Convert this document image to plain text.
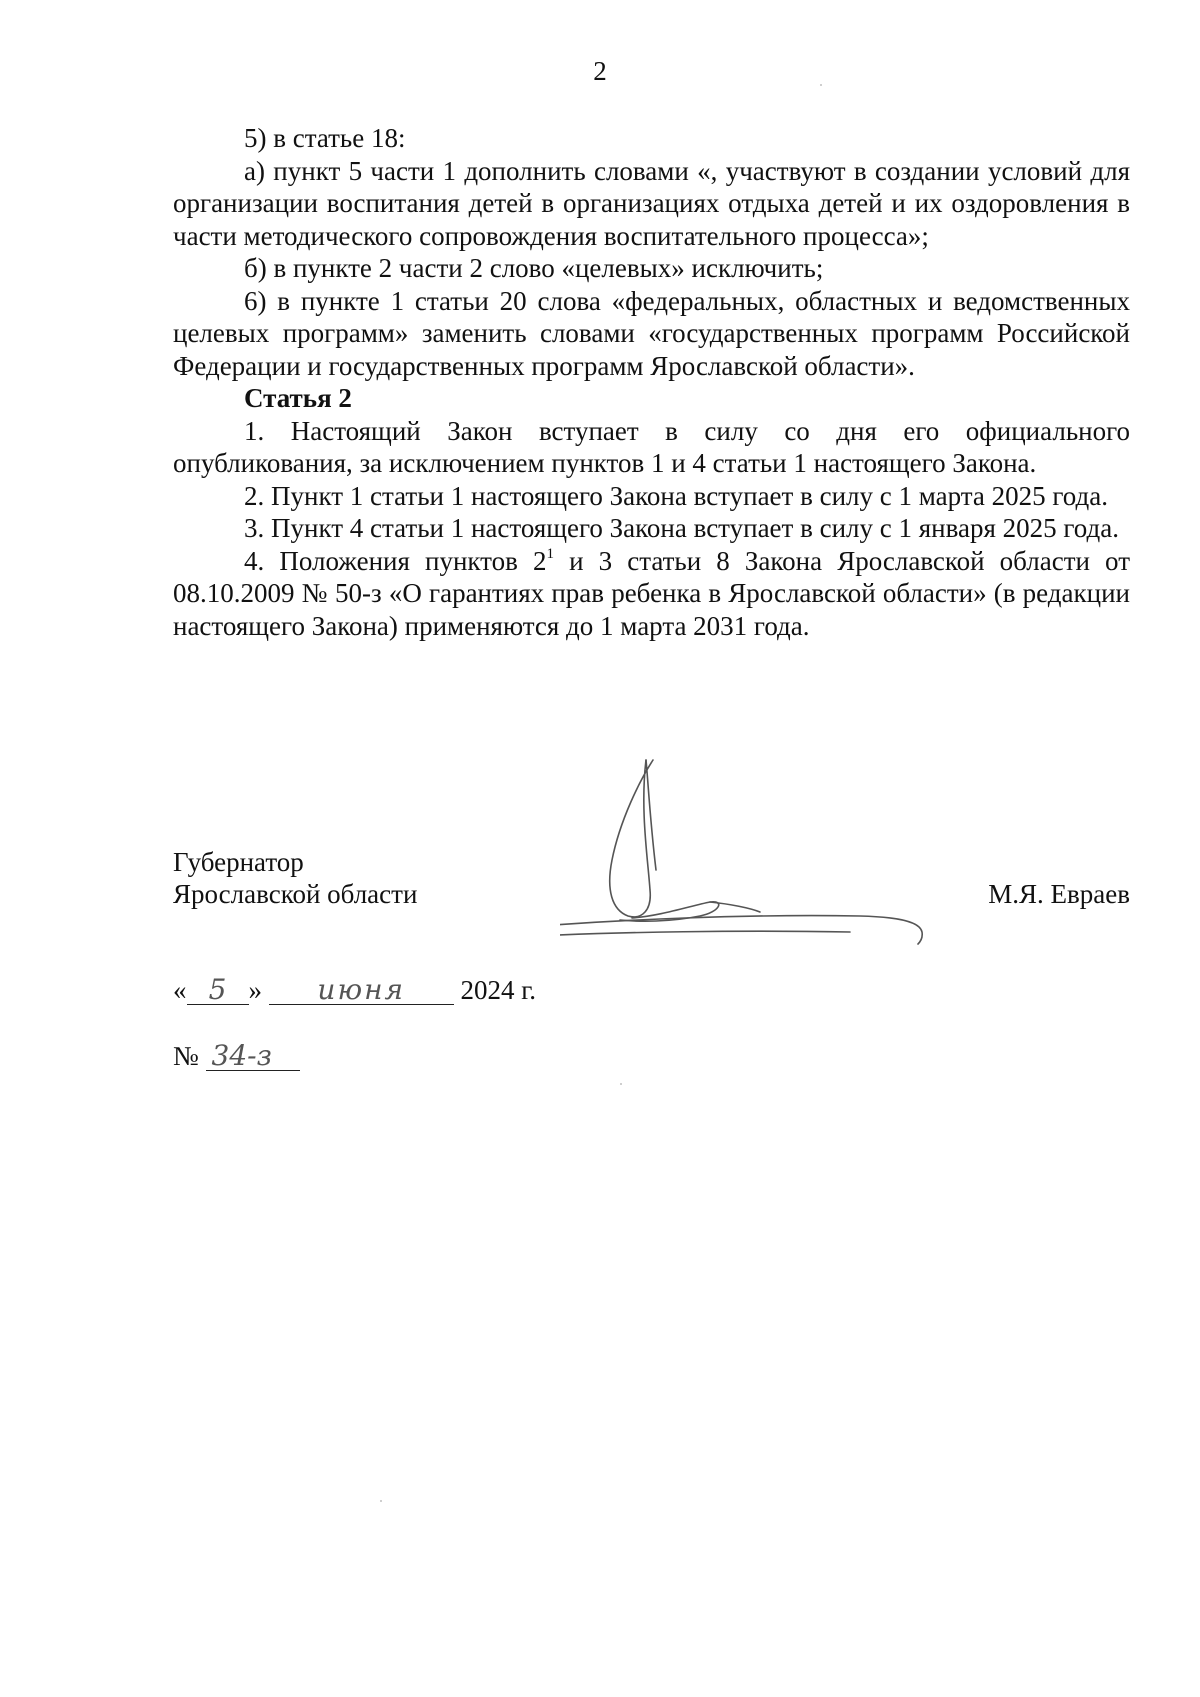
2

5) в статье 18:

а) пункт 5 части 1 дополнить словами «, участвуют в создании условий для организации воспитания детей в организациях отдыха детей и их оздоровления в части методического сопровождения воспитательного процесса»;

б) в пункте 2 части 2 слово «целевых» исключить;

6) в пункте 1 статьи 20 слова «федеральных, областных и ведомственных целевых программ» заменить словами «государственных программ Российской Федерации и государственных программ Ярославской области».

Статья 2

1. Настоящий Закон вступает в силу со дня его официального опубликования, за исключением пунктов 1 и 4 статьи 1 настоящего Закона.

2. Пункт 1 статьи 1 настоящего Закона вступает в силу с 1 марта 2025 года.

3. Пункт 4 статьи 1 настоящего Закона вступает в силу с 1 января 2025 года.

4. Положения пунктов $2^1$ и 3 статьи 8 Закона Ярославской области от 08.10.2009 № 50-з «О гарантиях прав ребенка в Ярославской области» (в редакции настоящего Закона) применяются до 1 марта 2031 года.

Губернатор
Ярославской области	М.Я. Евраев
« 5 » июня 2024 г.
№ 34-з
